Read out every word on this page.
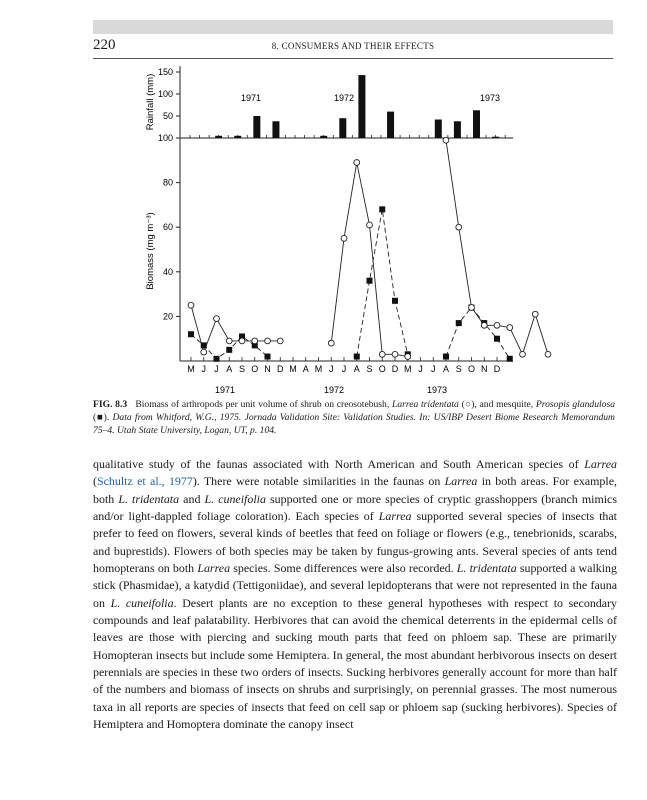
220	8. CONSUMERS AND THEIR EFFECTS
Rainfall (mm)
Biomass (mg m⁻³)
1971	1972	1973
1971	1972	1973
50
100
150
20
40
60
80
100
M J J A S O N D M A M J J A S O D M J J A S O N D
FIG. 8.3 Biomass of arthropods per unit volume of shrub on creosotebush, Larrea tridentata (○), and mesquite, Prosopis glandulosa (■). Data from Whitford, W.G., 1975. Jornada Validation Site: Validation Studies. In: US/IBP Desert Biome Research Memorandum 75–4. Utah State University, Logan, UT, p. 104.

qualitative study of the faunas associated with North American and South American species of Larrea (Schultz et al., 1977). There were notable similarities in the faunas on Larrea in both areas. For example, both L. tridentata and L. cuneifolia supported one or more species of cryptic grasshoppers (branch mimics and/or light-dappled foliage coloration). Each species of Larrea supported several species of insects that prefer to feed on flowers, several kinds of beetles that feed on foliage or flowers (e.g., tenebrionids, scarabs, and buprestids). Flowers of both species may be taken by fungus-growing ants. Several species of ants tend homopterans on both Larrea species. Some differences were also recorded. L. tridentata supported a walking stick (Phasmidae), a katydid (Tettigoniidae), and several lepidopterans that were not represented in the fauna on L. cuneifolia. Desert plants are no exception to these general hypotheses with respect to secondary compounds and leaf palatability. Herbivores that can avoid the chemical deterrents in the epidermal cells of leaves are those with piercing and sucking mouth parts that feed on phloem sap. These are primarily Homopteran insects but include some Hemiptera. In general, the most abundant herbivorous insects on desert perennials are species in these two orders of insects. Sucking herbivores generally account for more than half of the numbers and biomass of insects on shrubs and surprisingly, on perennial grasses. The most numerous taxa in all reports are species of insects that feed on cell sap or phloem sap (sucking herbivores). Species of Hemiptera and Homoptera dominate the canopy insect
